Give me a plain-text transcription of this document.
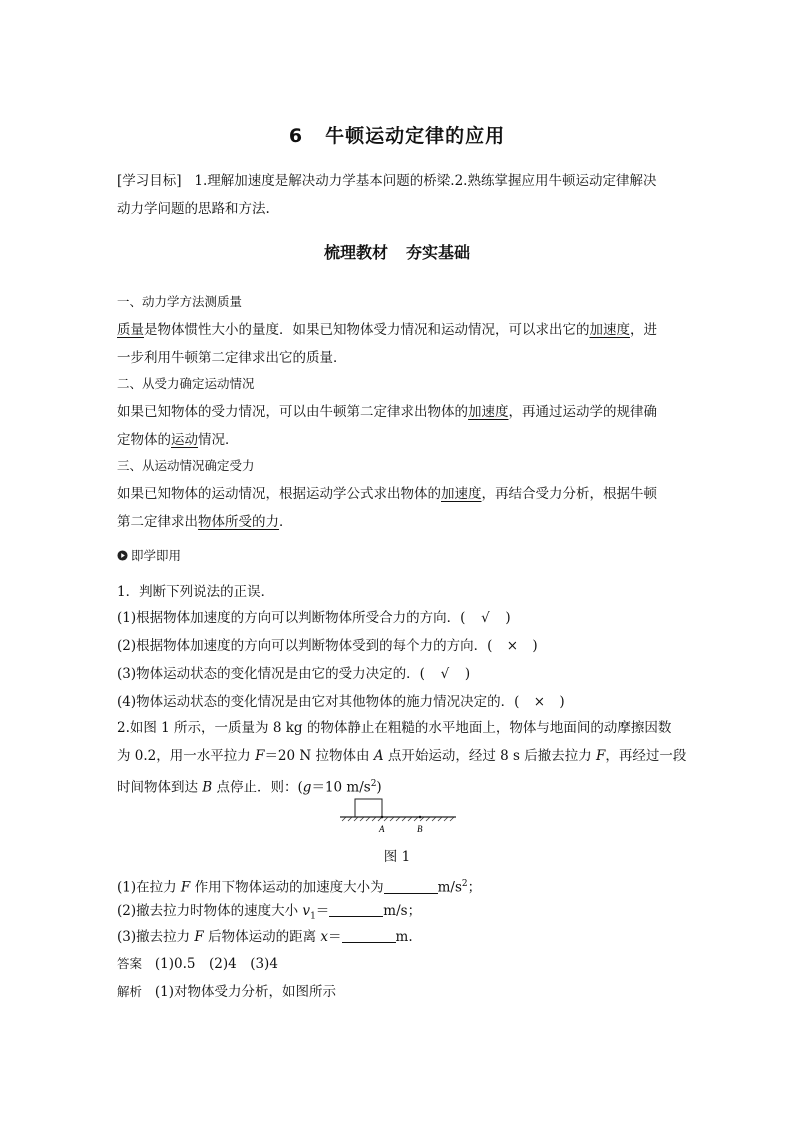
6 牛顿运动定律的应用
[学习目标] 1.理解加速度是解决动力学基本问题的桥梁.2.熟练掌握应用牛顿运动定律解决
动力学问题的思路和方法.
梳理教材 夯实基础
一、动力学方法测质量
质量是物体惯性大小的量度．如果已知物体受力情况和运动情况，可以求出它的加速度，进
一步利用牛顿第二定律求出它的质量．
二、从受力确定运动情况
如果已知物体的受力情况，可以由牛顿第二定律求出物体的加速度，再通过运动学的规律确
定物体的运动情况．
三、从运动情况确定受力
如果已知物体的运动情况，根据运动学公式求出物体的加速度，再结合受力分析，根据牛顿
第二定律求出物体所受的力．
即学即用
1．判断下列说法的正误．
(1)根据物体加速度的方向可以判断物体所受合力的方向．( √ )
(2)根据物体加速度的方向可以判断物体受到的每个力的方向．( × )
(3)物体运动状态的变化情况是由它的受力决定的．( √ )
(4)物体运动状态的变化情况是由它对其他物体的施力情况决定的．( × )
2.如图 1 所示，一质量为 8 kg 的物体静止在粗糙的水平地面上，物体与地面间的动摩擦因数
为 0.2，用一水平拉力 F＝20 N 拉物体由 A 点开始运动，经过 8 s 后撤去拉力 F，再经过一段
时间物体到达 B 点停止．则：(g＝10 $m/s^2$)
A	B
图 1
(1)在拉力 F 作用下物体运动的加速度大小为	$m/s^2$；
(2)撤去拉力时物体的速度大小 $v_1=$	m/s；
(3)撤去拉力 F 后物体运动的距离 x＝	m.
答案 (1)0.5　(2)4　(3)4
解析 (1)对物体受力分析，如图所示
